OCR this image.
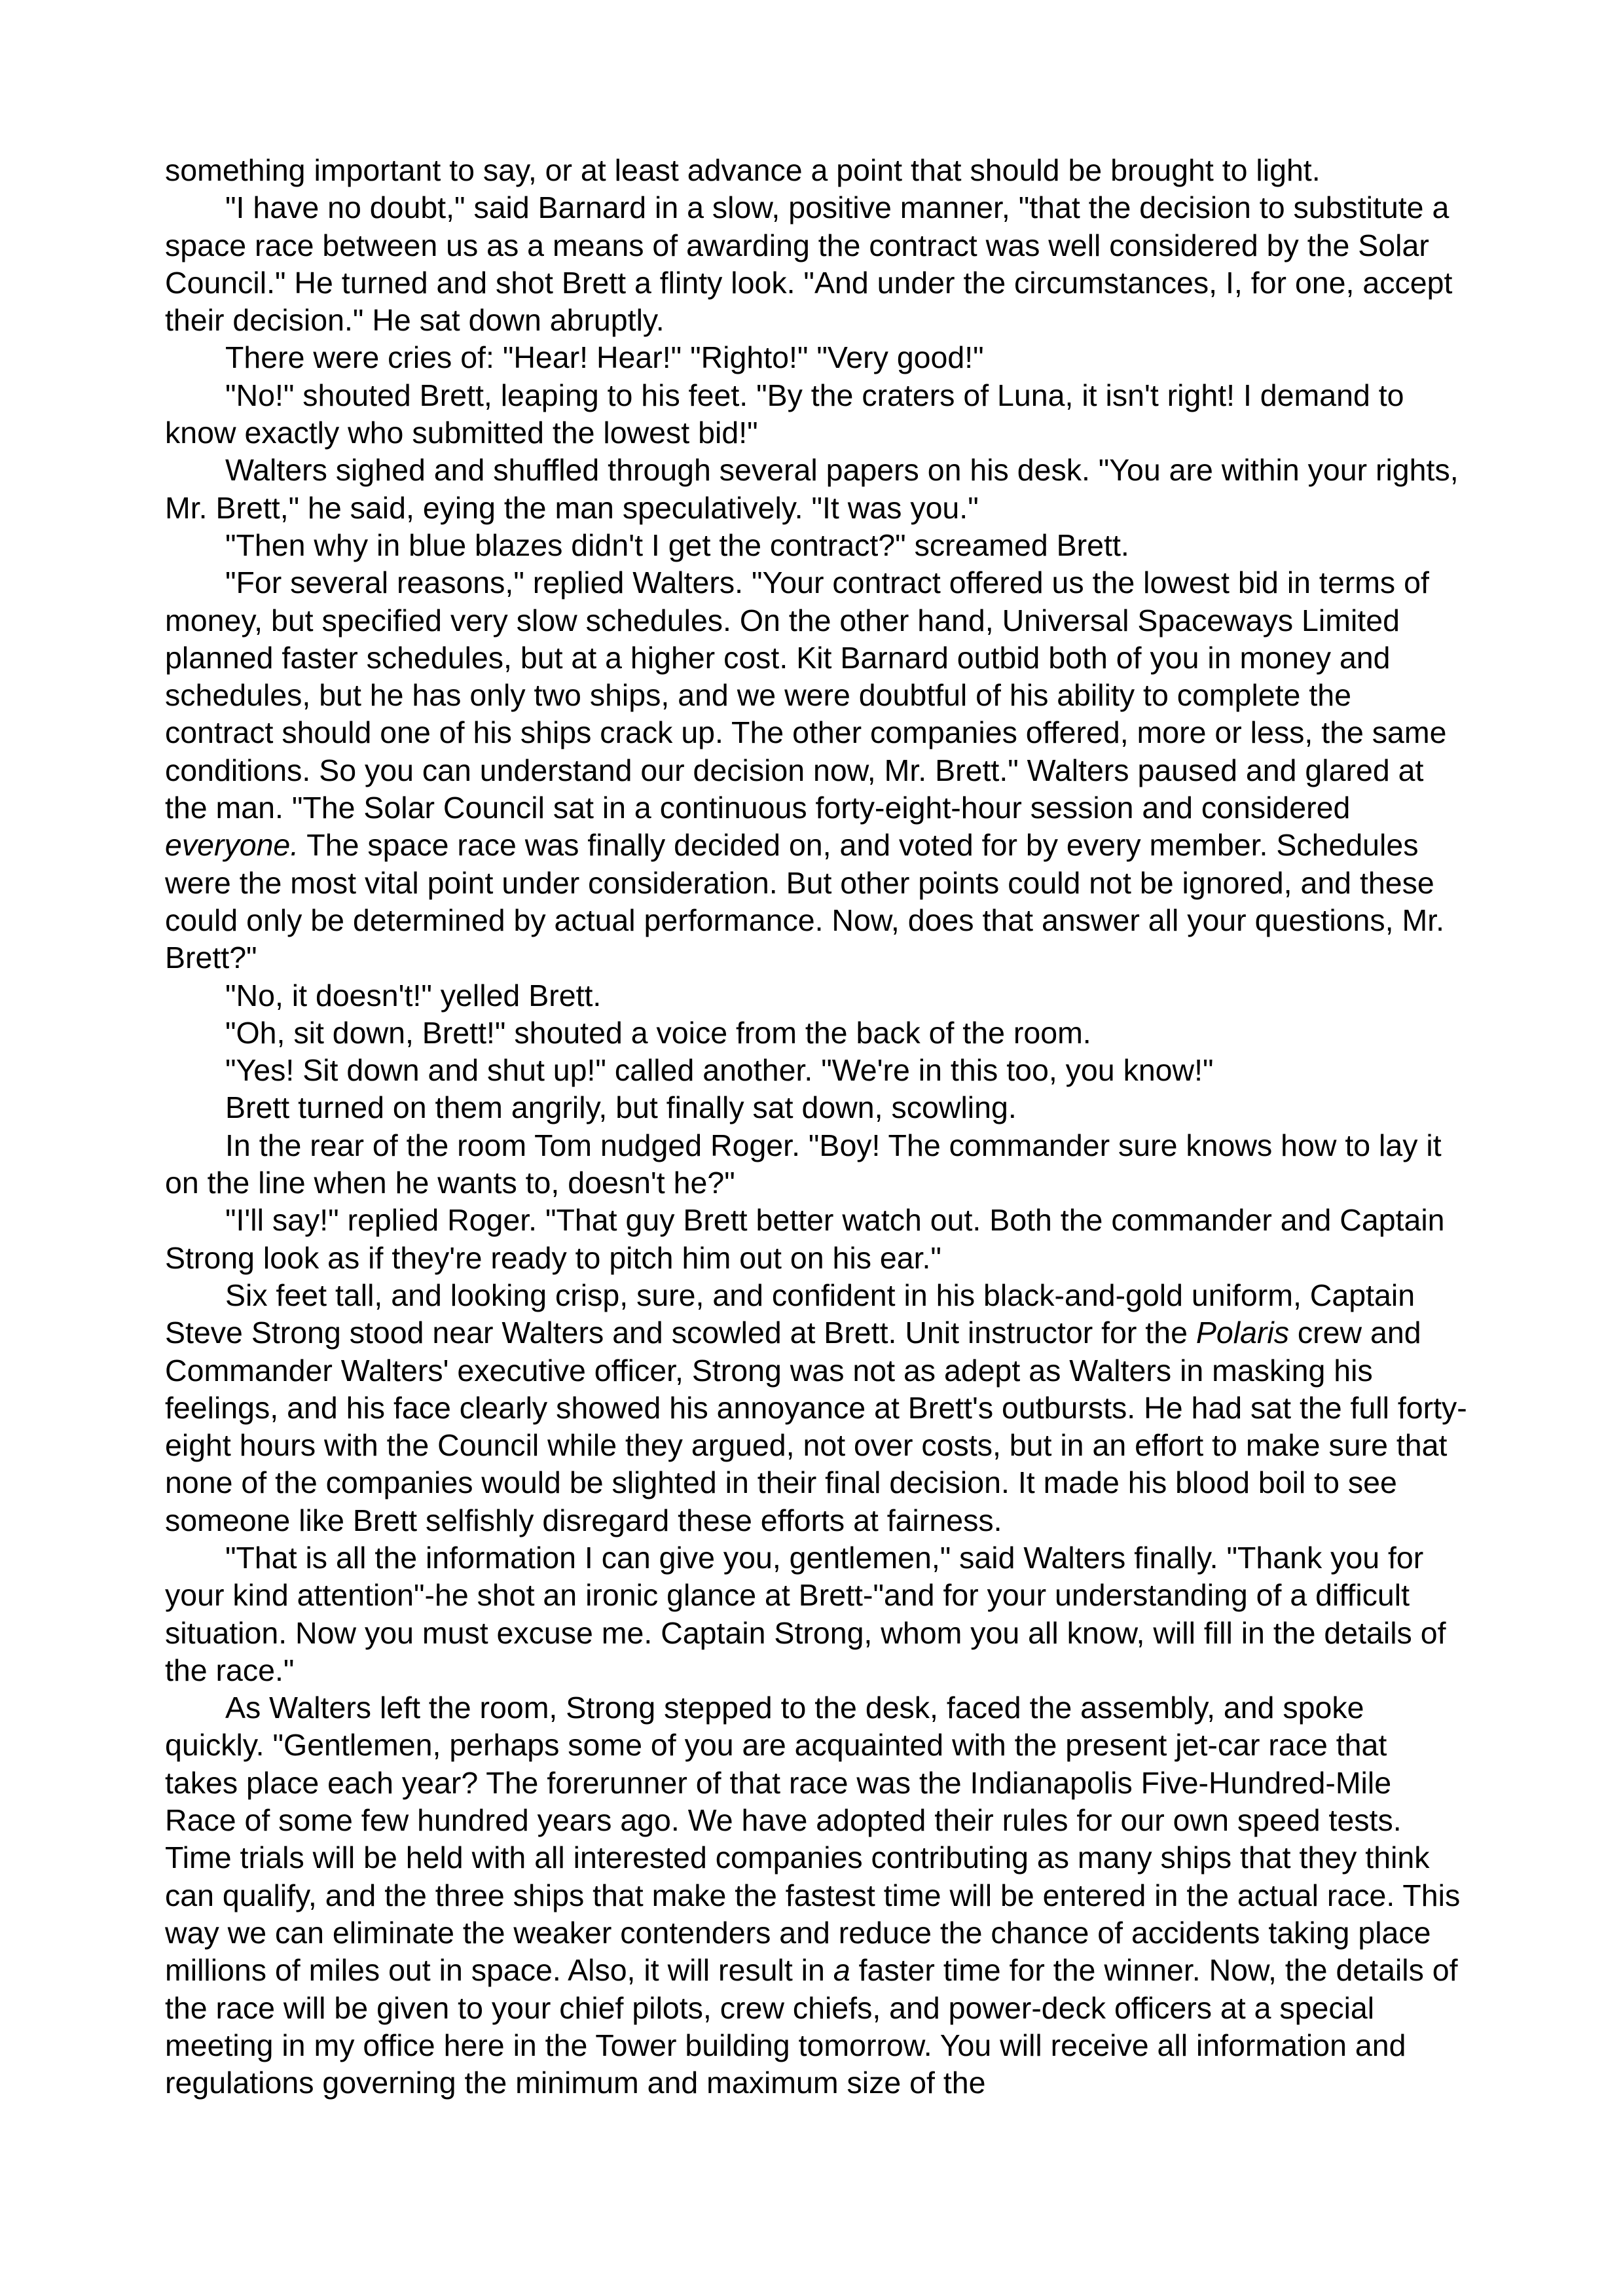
something important to say, or at least advance a point that should be brought to light.

"I have no doubt," said Barnard in a slow, positive manner, "that the decision to substitute a space race between us as a means of awarding the contract was well considered by the Solar Council." He turned and shot Brett a flinty look. "And under the circumstances, I, for one, accept their decision." He sat down abruptly.

There were cries of: "Hear! Hear!" "Righto!" "Very good!"

"No!" shouted Brett, leaping to his feet. "By the craters of Luna, it isn't right! I demand to know exactly who submitted the lowest bid!"

Walters sighed and shuffled through several papers on his desk. "You are within your rights, Mr. Brett," he said, eying the man speculatively. "It was you."

"Then why in blue blazes didn't I get the contract?" screamed Brett.

"For several reasons," replied Walters. "Your contract offered us the lowest bid in terms of money, but specified very slow schedules. On the other hand, Universal Spaceways Limited planned faster schedules, but at a higher cost. Kit Barnard outbid both of you in money and schedules, but he has only two ships, and we were doubtful of his ability to complete the contract should one of his ships crack up. The other companies offered, more or less, the same conditions. So you can understand our decision now, Mr. Brett." Walters paused and glared at the man. "The Solar Council sat in a continuous forty-eight-hour session and considered everyone. The space race was finally decided on, and voted for by every member. Schedules were the most vital point under consideration. But other points could not be ignored, and these could only be determined by actual performance. Now, does that answer all your questions, Mr. Brett?"

"No, it doesn't!" yelled Brett.

"Oh, sit down, Brett!" shouted a voice from the back of the room.

"Yes! Sit down and shut up!" called another. "We're in this too, you know!"

Brett turned on them angrily, but finally sat down, scowling.

In the rear of the room Tom nudged Roger. "Boy! The commander sure knows how to lay it on the line when he wants to, doesn't he?"

"I'll say!" replied Roger. "That guy Brett better watch out. Both the commander and Captain Strong look as if they're ready to pitch him out on his ear."

Six feet tall, and looking crisp, sure, and confident in his black-and-gold uniform, Captain Steve Strong stood near Walters and scowled at Brett. Unit instructor for the Polaris crew and Commander Walters' executive officer, Strong was not as adept as Walters in masking his feelings, and his face clearly showed his annoyance at Brett's outbursts. He had sat the full forty-eight hours with the Council while they argued, not over costs, but in an effort to make sure that none of the companies would be slighted in their final decision. It made his blood boil to see someone like Brett selfishly disregard these efforts at fairness.

"That is all the information I can give you, gentlemen," said Walters finally. "Thank you for your kind attention"-he shot an ironic glance at Brett-"and for your understanding of a difficult situation. Now you must excuse me. Captain Strong, whom you all know, will fill in the details of the race."

As Walters left the room, Strong stepped to the desk, faced the assembly, and spoke quickly. "Gentlemen, perhaps some of you are acquainted with the present jet-car race that takes place each year? The forerunner of that race was the Indianapolis Five-Hundred-Mile Race of some few hundred years ago. We have adopted their rules for our own speed tests. Time trials will be held with all interested companies contributing as many ships that they think can qualify, and the three ships that make the fastest time will be entered in the actual race. This way we can eliminate the weaker contenders and reduce the chance of accidents taking place millions of miles out in space. Also, it will result in a faster time for the winner. Now, the details of the race will be given to your chief pilots, crew chiefs, and power-deck officers at a special meeting in my office here in the Tower building tomorrow. You will receive all information and regulations governing the minimum and maximum size of the
